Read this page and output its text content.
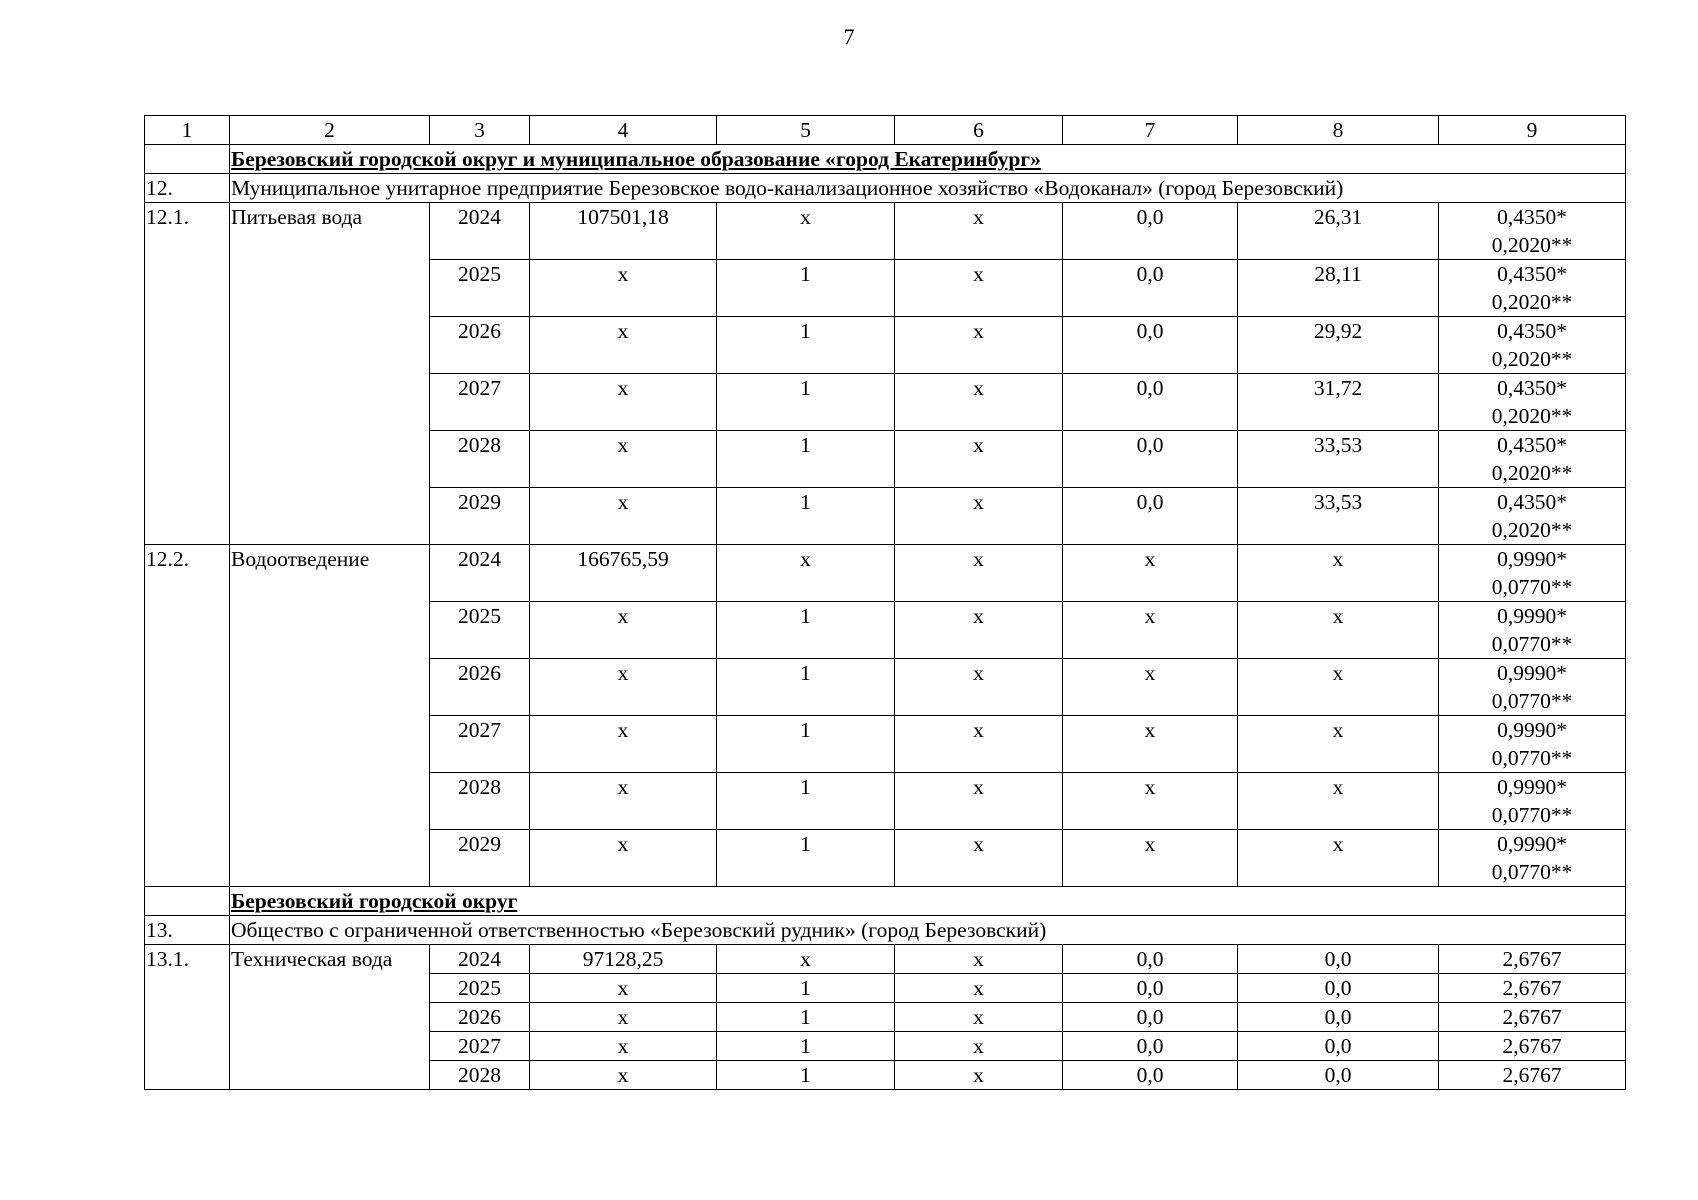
7
1	2	3	4	5	6	7	8	9
	Березовский городской округ и муниципальное образование «город Екатеринбург»							
12.	Муниципальное унитарное предприятие Березовское водо-канализационное хозяйство «Водоканал» (город Березовский)							
12.1.	Питьевая вода	2024	107501,18	x	x	0,0	26,31	0,4350*
0,2020**

		2025	x	1	x	0,0	28,11	0,4350*
0,2020**

		2026	x	1	x	0,0	29,92	0,4350*
0,2020**

		2027	x	1	x	0,0	31,72	0,4350*
0,2020**

		2028	x	1	x	0,0	33,53	0,4350*
0,2020**

		2029	x	1	x	0,0	33,53	0,4350*
0,2020**

12.2.	Водоотведение	2024	166765,59	x	x	x	x	0,9990*
0,0770**

		2025	x	1	x	x	x	0,9990*
0,0770**

		2026	x	1	x	x	x	0,9990*
0,0770**

		2027	x	1	x	x	x	0,9990*
0,0770**

		2028	x	1	x	x	x	0,9990*
0,0770**

		2029	x	1	x	x	x	0,9990*
0,0770**

	Березовский городской округ							
13.	Общество с ограниченной ответственностью «Березовский рудник» (город Березовский)							
13.1.	Техническая вода	2024	97128,25	x	x	0,0	0,0	2,6767
		2025	x	1	x	0,0	0,0	2,6767
		2026	x	1	x	0,0	0,0	2,6767
		2027	x	1	x	0,0	0,0	2,6767
		2028	x	1	x	0,0	0,0	2,6767
